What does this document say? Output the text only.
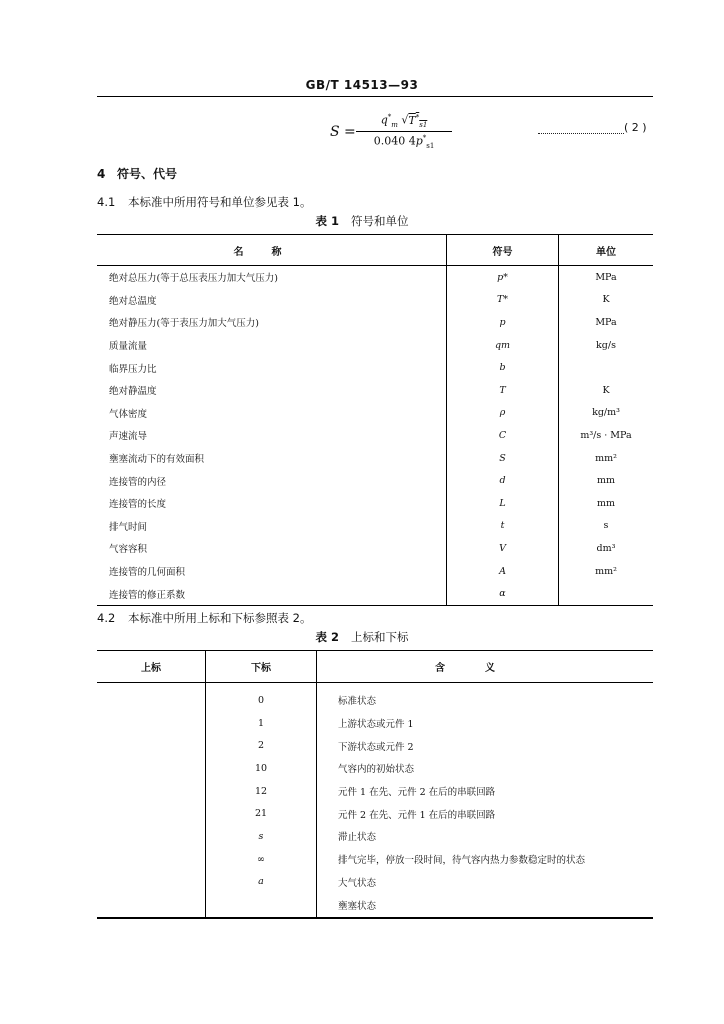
GB/T 14513—93
S =
$q^*_m$ $√T^*_{s1}$
0.040 $4p^*_{s1}$
( 2 )
4 符号、代号
4.1 本标准中所用符号和单位参见表 1。
表 1 符号和单位
名称	符号	单位
绝对总压力(等于总压表压力加大气压力)	p*	MPa
绝对总温度	T*	K
绝对静压力(等于表压力加大气压力)	p	MPa
质量流量	qm	kg/s
临界压力比	b	
绝对静温度	T	K
气体密度	ρ	kg/m³
声速流导	C	m³/s · MPa
壅塞流动下的有效面积	S	mm²
连接管的内径	d	mm
连接管的长度	L	mm
排气时间	t	s
气容容积	V	dm³
连接管的几何面积	A	mm²
连接管的修正系数	α	
4.2 本标准中所用上标和下标参照表 2。
表 2 上标和下标
上标	下标	含义
	0	标准状态
	1	上游状态或元件 1
	2	下游状态或元件 2
	10	气容内的初始状态
	12	元件 1 在先、元件 2 在后的串联回路
	21	元件 2 在先、元件 1 在后的串联回路
	s	滞止状态
	∞	排气完毕，停放一段时间，待气容内热力参数稳定时的状态
	a	大气状态
		壅塞状态
